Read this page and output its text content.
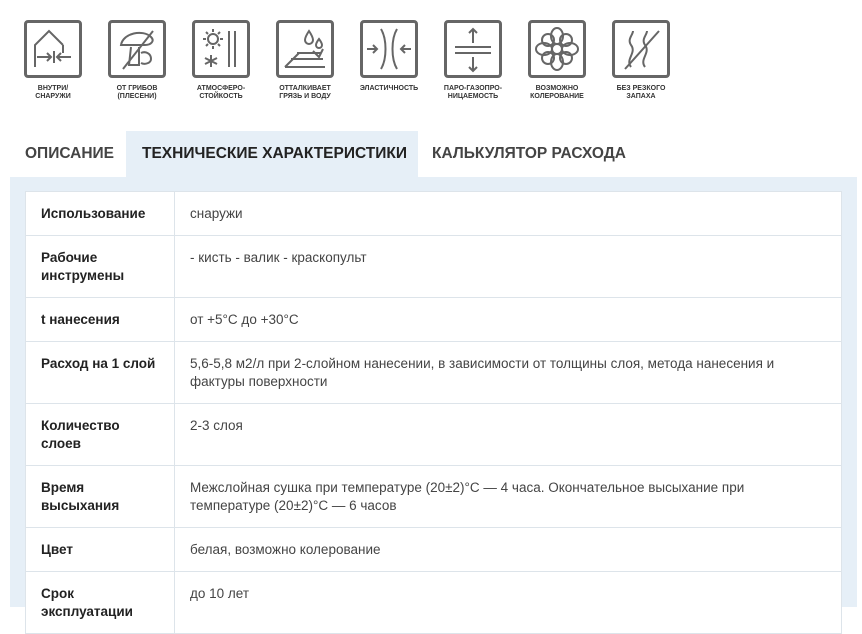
ВНУТРИ/
СНАРУЖИ
ОТ ГРИБОВ
(ПЛЕСЕНИ)
АТМОСФЕРО-
СТОЙКОСТЬ
ОТТАЛКИВАЕТ
ГРЯЗЬ И ВОДУ
ЭЛАСТИЧНОСТЬ	ПАРО-ГАЗОПРО-
НИЦАЕМОСТЬ
ВОЗМОЖНО
КОЛЕРОВАНИЕ
БЕЗ РЕЗКОГО
ЗАПАХА
ОПИСАНИЕ	ТЕХНИЧЕСКИЕ ХАРАКТЕРИСТИКИ	КАЛЬКУЛЯТОР РАСХОДА
Использование	снаружи
Рабочие инструмены	- кисть - валик - краскопульт
t нанесения	от +5°С до +30°С
Расход на 1 слой	5,6-5,8 м2/л при 2-слойном нанесении, в зависимости от толщины слоя, метода нанесения и фактуры поверхности
Количество слоев	2-3 слоя
Время высыхания	Межслойная сушка при температуре (20±2)°С — 4 часа. Окончательное высыхание при температуре (20±2)°С — 6 часов
Цвет	белая, возможно колерование
Срок эксплуатации	до 10 лет
